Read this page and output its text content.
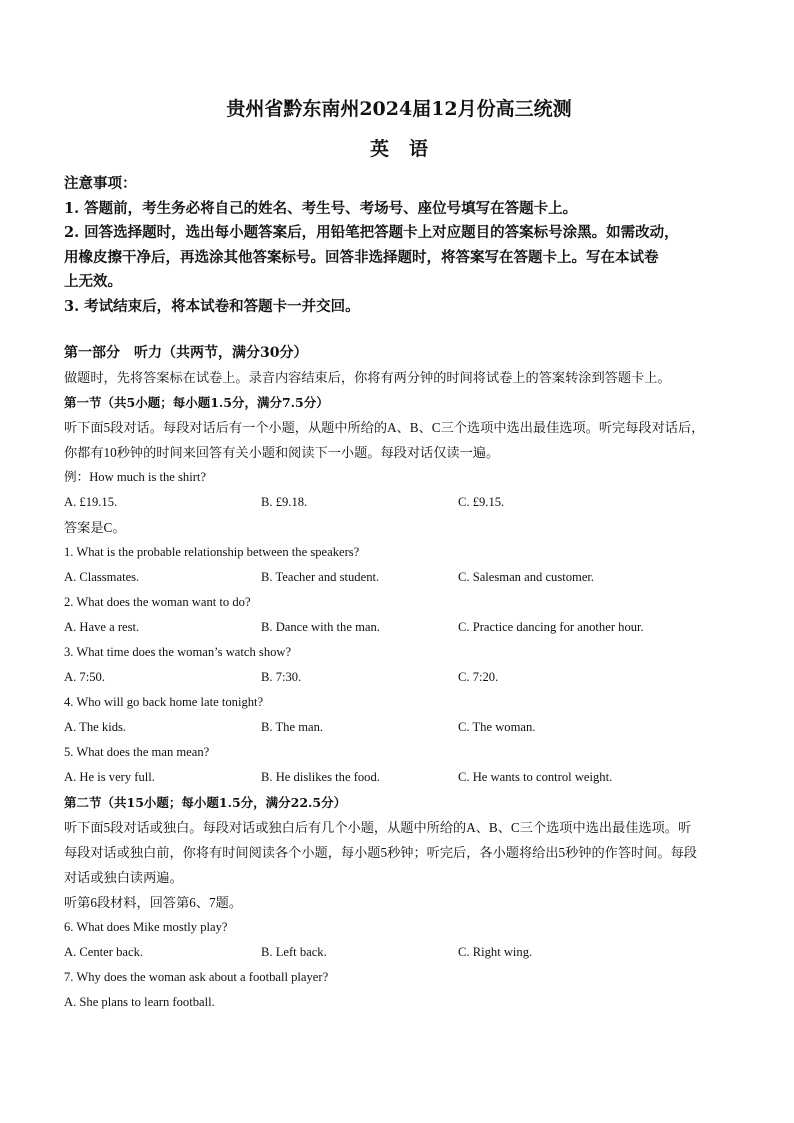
贵州省黔东南州2024届12月份高三统测
英语
注意事项：
1. 答题前，考生务必将自己的姓名、考生号、考场号、座位号填写在答题卡上。
2. 回答选择题时，选出每小题答案后，用铅笔把答题卡上对应题目的答案标号涂黑。如需改动，
用橡皮擦干净后，再选涂其他答案标号。回答非选择题时，将答案写在答题卡上。写在本试卷
上无效。
3. 考试结束后，将本试卷和答题卡一并交回。
第一部分　听力（共两节，满分30分）
做题时，先将答案标在试卷上。录音内容结束后，你将有两分钟的时间将试卷上的答案转涂到答题卡上。
第一节（共5小题；每小题1.5分，满分7.5分）
听下面5段对话。每段对话后有一个小题，从题中所给的A、B、C三个选项中选出最佳选项。听完每段对话后，
你都有10秒钟的时间来回答有关小题和阅读下一小题。每段对话仅读一遍。
例：How much is the shirt?
A. £19.15.	B. £9.18.	C. £9.15.
答案是C。
1. What is the probable relationship between the speakers?
A. Classmates.	B. Teacher and student.	C. Salesman and customer.
2. What does the woman want to do?
A. Have a rest.	B. Dance with the man.	C. Practice dancing for another hour.
3. What time does the woman’s watch show?
A. 7:50.	B. 7:30.	C. 7:20.
4. Who will go back home late tonight?
A. The kids.	B. The man.	C. The woman.
5. What does the man mean?
A. He is very full.	B. He dislikes the food.	C. He wants to control weight.
第二节（共15小题；每小题1.5分，满分22.5分）
听下面5段对话或独白。每段对话或独白后有几个小题，从题中所给的A、B、C三个选项中选出最佳选项。听
每段对话或独白前，你将有时间阅读各个小题，每小题5秒钟；听完后，各小题将给出5秒钟的作答时间。每段
对话或独白读两遍。
听第6段材料，回答第6、7题。
6. What does Mike mostly play?
A. Center back.	B. Left back.	C. Right wing.
7. Why does the woman ask about a football player?
A. She plans to learn football.
